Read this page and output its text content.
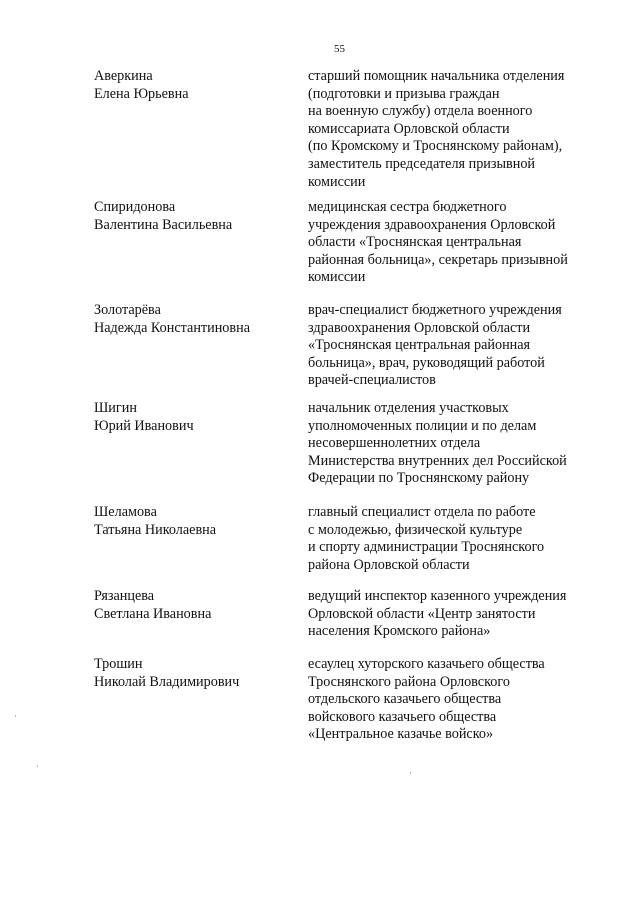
55
Аверкина
Елена Юрьевна
старший помощник начальника отделения
(подготовки и призыва граждан
на военную службу) отдела военного
комиссариата Орловской области
(по Кромскому и Троснянскому районам),
заместитель председателя призывной
комиссии
Спиридонова
Валентина Васильевна
медицинская сестра бюджетного
учреждения здравоохранения Орловской
области «Троснянская центральная
районная больница», секретарь призывной
комиссии
Золотарёва
Надежда Константиновна
врач-специалист бюджетного учреждения
здравоохранения Орловской области
«Троснянская центральная районная
больница», врач, руководящий работой
врачей-специалистов
Шигин
Юрий Иванович
начальник отделения участковых
уполномоченных полиции и по делам
несовершеннолетних отдела
Министерства внутренних дел Российской
Федерации по Троснянскому району
Шеламова
Татьяна Николаевна
главный специалист отдела по работе
с молодежью, физической культуре
и спорту администрации Троснянского
района Орловской области
Рязанцева
Светлана Ивановна
ведущий инспектор казенного учреждения
Орловской области «Центр занятости
населения Кромского района»
Трошин
Николай Владимирович
есаулец хуторского казачьего общества
Троснянского района Орловского
отдельского казачьего общества
войскового казачьего общества
«Центральное казачье войско»
